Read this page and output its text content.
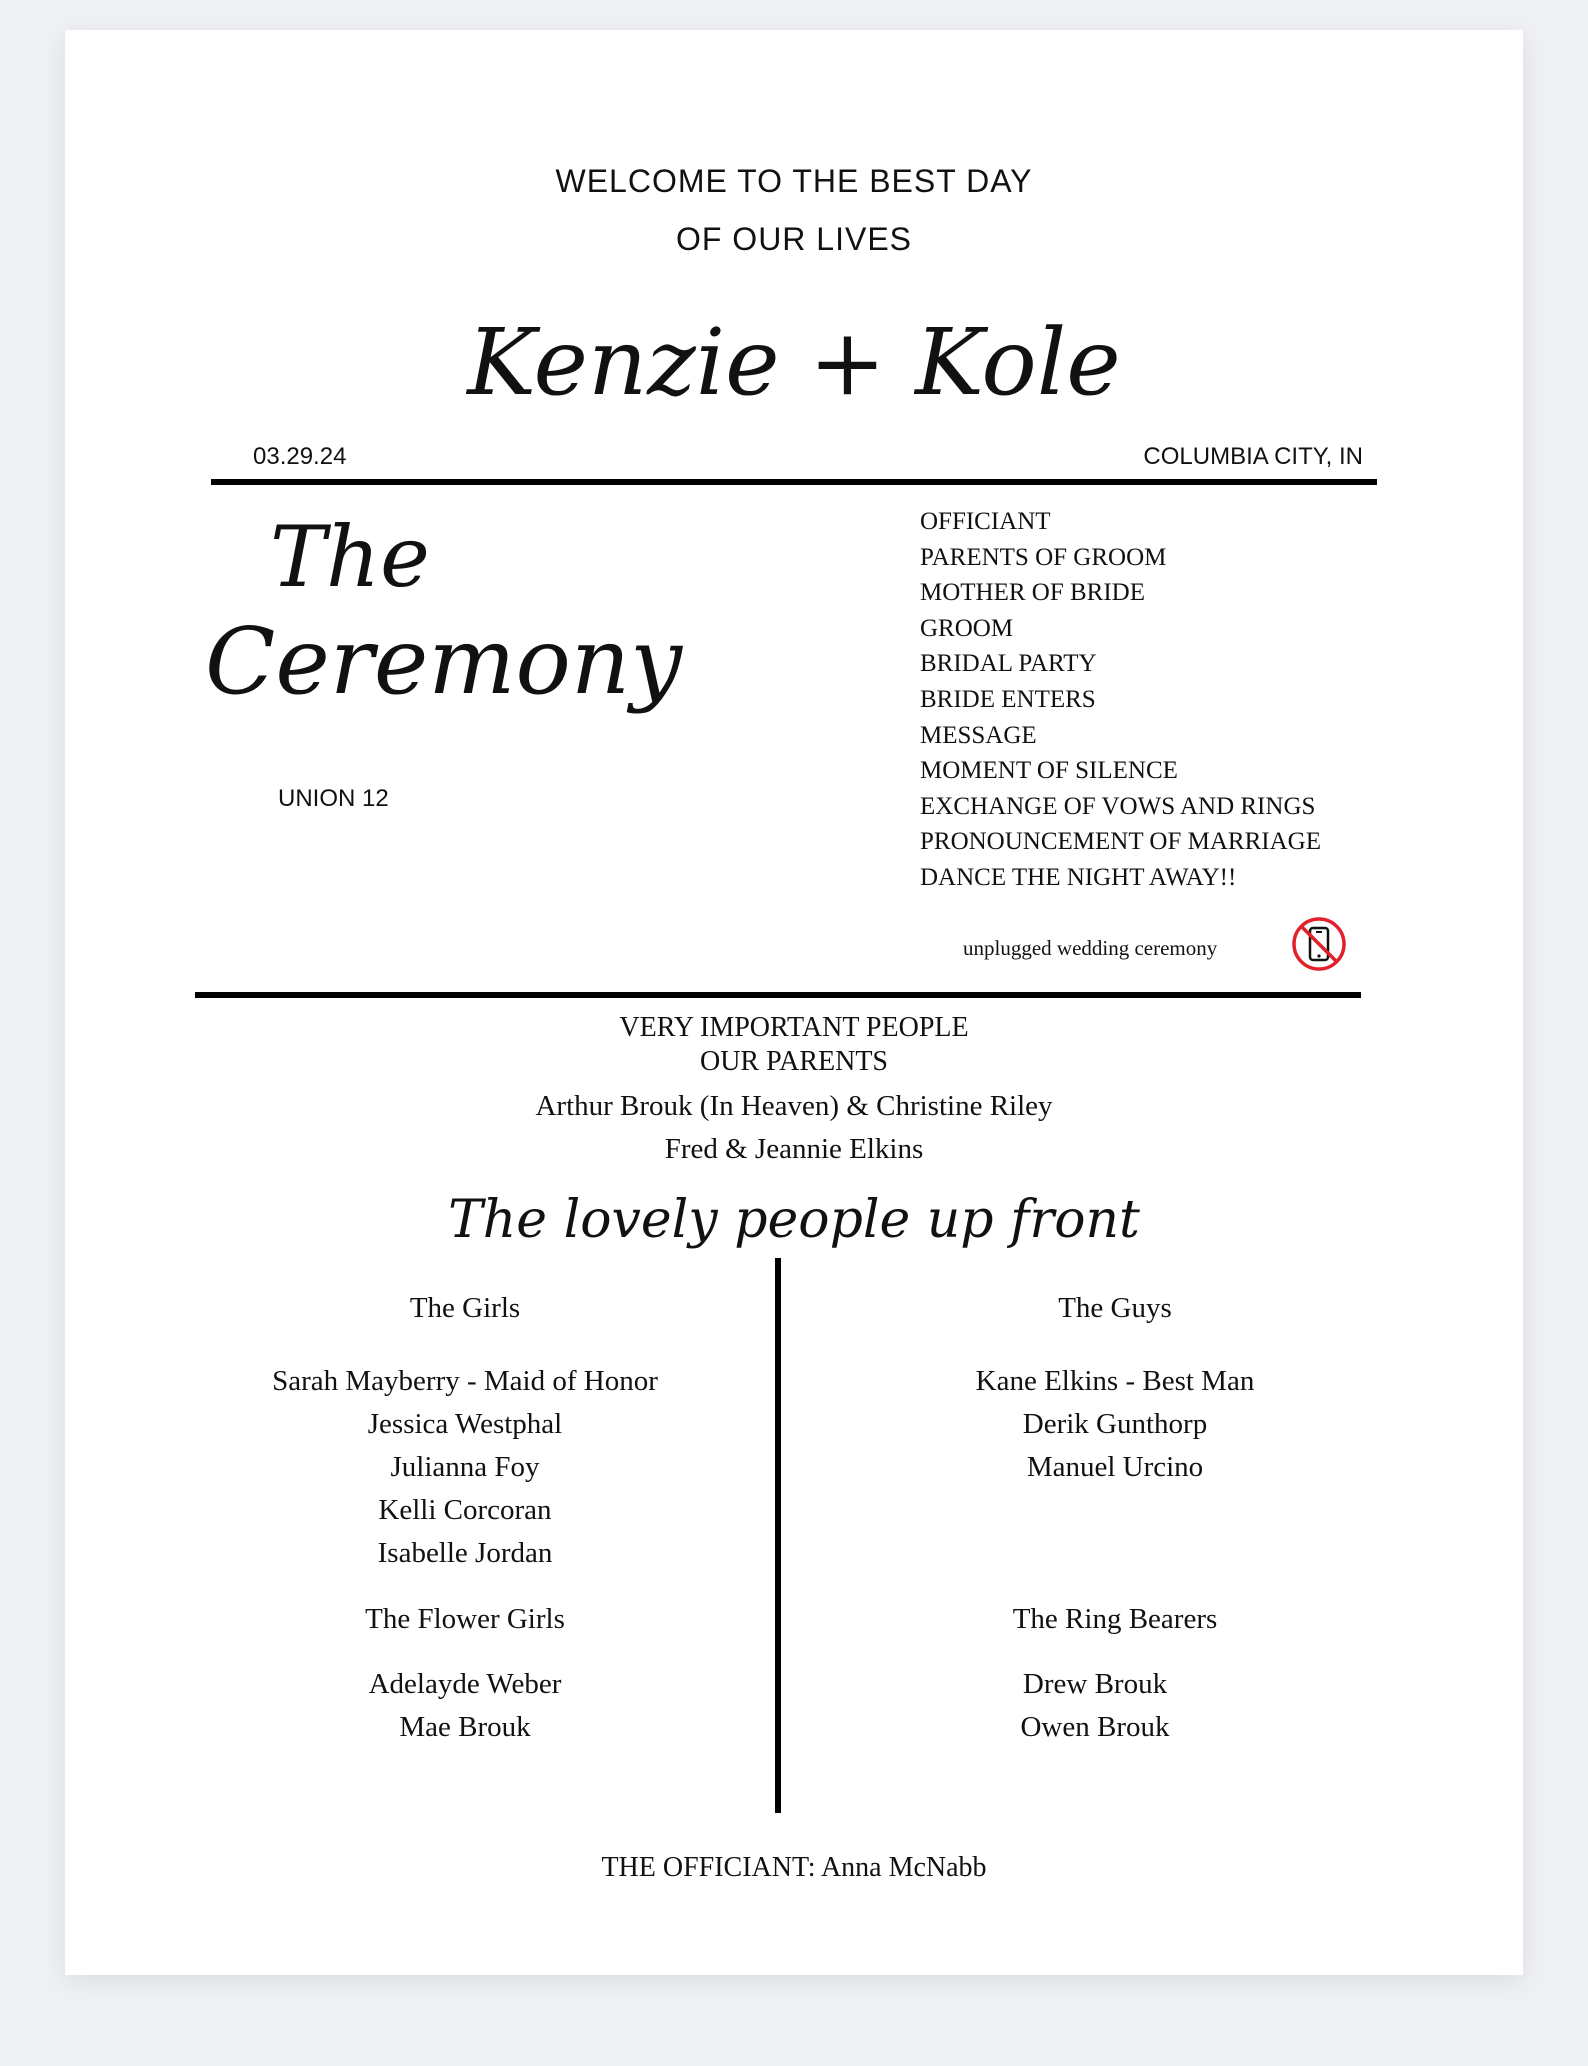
WELCOME TO THE BEST DAY
OF OUR LIVES
Kenzie + Kole
03.29.24	COLUMBIA CITY, IN
The
Ceremony
UNION 12
OFFICIANT
PARENTS OF GROOM
MOTHER OF BRIDE
GROOM
BRIDAL PARTY
BRIDE ENTERS
MESSAGE
MOMENT OF SILENCE
EXCHANGE OF VOWS AND RINGS
PRONOUNCEMENT OF MARRIAGE
DANCE THE NIGHT AWAY!!
unplugged wedding ceremony
VERY IMPORTANT PEOPLE
OUR PARENTS
Arthur Brouk (In Heaven) & Christine Riley
Fred & Jeannie Elkins
The lovely people up front
The Girls
Sarah Mayberry - Maid of Honor
Jessica Westphal
Julianna Foy
Kelli Corcoran
Isabelle Jordan
The Flower Girls
Adelayde Weber
Mae Brouk
The Guys
Kane Elkins - Best Man
Derik Gunthorp
Manuel Urcino
The Ring Bearers
Drew Brouk
Owen Brouk
THE OFFICIANT: Anna McNabb
